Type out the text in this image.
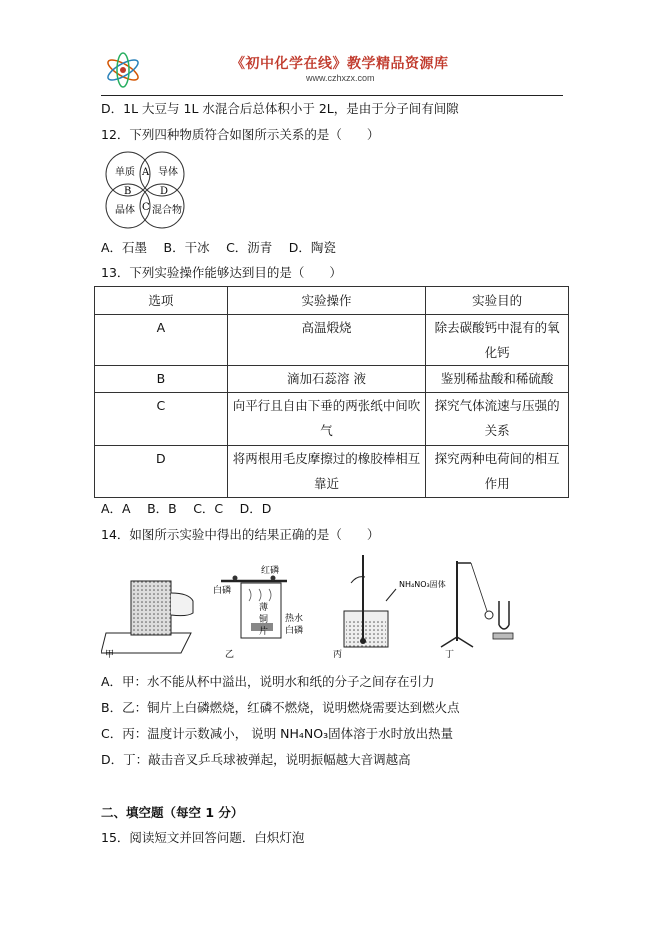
《初中化学在线》教学精品资源库
www.czhxzx.com
D．1L 大豆与 1L 水混合后总体积小于 2L，是由于分子间有间隙
12．下列四种物质符合如图所示关系的是（　　）
单质 A 导体
B	D
晶体 C 混合物
A．石墨　 B．干冰　 C．沥青　 D．陶瓷
13．下列实验操作能够达到目的是（　　）
选项	实验操作	实验目的
A	高温煅烧	除去碳酸钙中混有的氧化钙
B	滴加石蕊溶 液	鉴别稀盐酸和稀硫酸
C	向平行且自由下垂的两张纸中间吹气	探究气体流速与压强的关系
D	将两根用毛皮摩擦过的橡胶棒相互靠近	探究两种电荷间的相互作用
A．A　 B．B　 C．C　 D．D
14．如图所示实验中得出的结果正确的是（　　）
甲
红磷
白磷
薄
铜
片
热水
白磷
乙
NH₄NO₃固体
丙	丁
A．甲：水不能从杯中溢出，说明水和纸的分子之间存在引力
B．乙：铜片上白磷燃烧，红磷不燃烧，说明燃烧需要达到燃火点
C．丙：温度计示数减小， 说明 NH₄NO₃固体溶于水时放出热量
D．丁：敲击音叉乒乓球被弹起，说明振幅越大音调越高
二、填空题（每空 1 分）
15．阅读短文并回答问题．白炽灯泡
